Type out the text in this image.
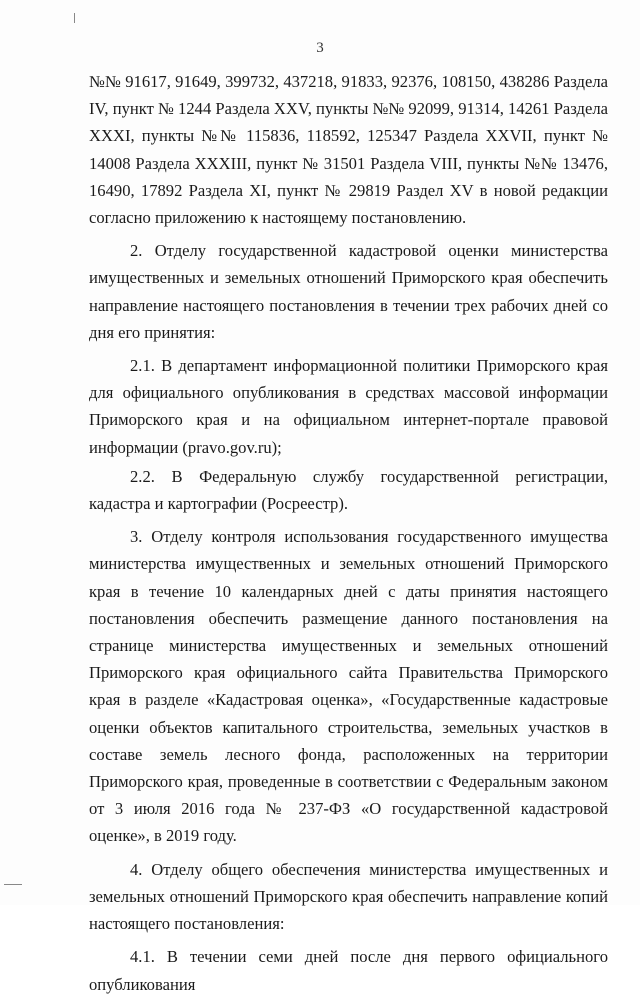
3

№№ 91617, 91649, 399732, 437218, 91833, 92376, 108150, 438286 Раздела IV, пункт № 1244 Раздела XXV, пункты №№ 92099, 91314, 14261 Раздела XXXI, пункты №№ 115836, 118592, 125347 Раздела XXVII, пункт № 14008 Раздела XXXIII, пункт № 31501 Раздела VIII, пункты №№ 13476, 16490, 17892 Раздела XI, пункт № 29819 Раздел XV в новой редакции согласно приложению к настоящему постановлению.

2. Отделу государственной кадастровой оценки министерства имущественных и земельных отношений Приморского края обеспечить направление настоящего постановления в течении трех рабочих дней со дня его принятия:

2.1. В департамент информационной политики Приморского края для официального опубликования в средствах массовой информации Приморского края и на официальном интернет-портале правовой информации (pravo.gov.ru);

2.2. В Федеральную службу государственной регистрации, кадастра и картографии (Росреестр).

3. Отделу контроля использования государственного имущества министерства имущественных и земельных отношений Приморского края в течение 10 календарных дней с даты принятия настоящего постановления обеспечить размещение данного постановления на странице министерства имущественных и земельных отношений Приморского края официального сайта Правительства Приморского края в разделе «Кадастровая оценка», «Государственные кадастровые оценки объектов капитального строительства, земельных участков в составе земель лесного фонда, расположенных на территории Приморского края, проведенные в соответствии с Федеральным законом от 3 июля 2016 года № 237-ФЗ «О государственной кадастровой оценке», в 2019 году.

4. Отделу общего обеспечения министерства имущественных и земельных отношений Приморского края обеспечить направление копий настоящего постановления:

4.1. В течении семи дней после дня первого официального опубликования
